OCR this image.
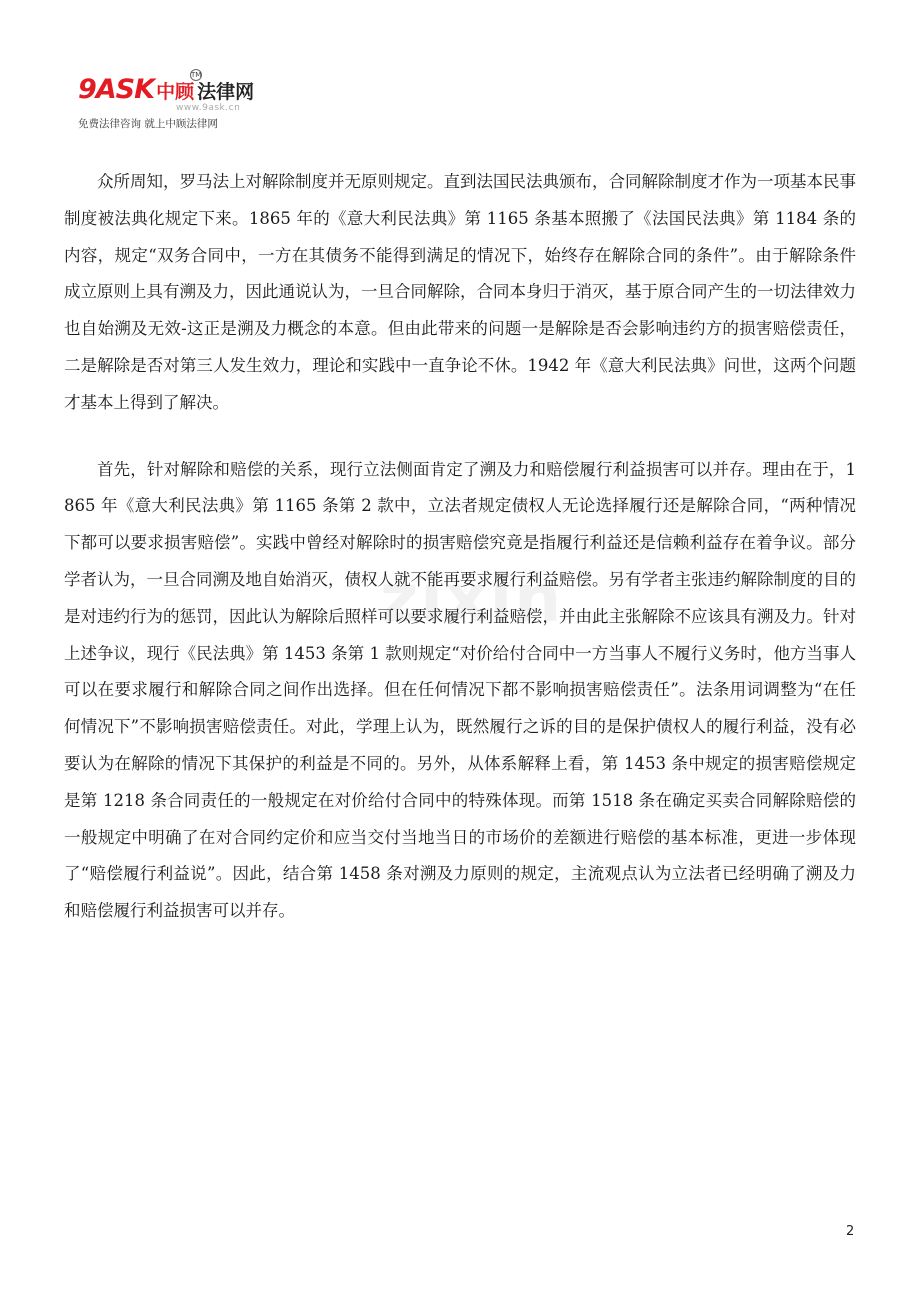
9ASK 中顾 法律网
TM
www.9ask.cn
免费法律咨询 就上中顾法律网
zixin

众所周知，罗马法上对解除制度并无原则规定。直到法国民法典颁布，合同解除制度才作为一项基本民事制度被法典化规定下来。1865 年的《意大利民法典》第 1165 条基本照搬了《法国民法典》第 1184 条的内容，规定“双务合同中，一方在其债务不能得到满足的情况下，始终存在解除合同的条件”。由于解除条件成立原则上具有溯及力，因此通说认为，一旦合同解除，合同本身归于消灭，基于原合同产生的一切法律效力也自始溯及无效-这正是溯及力概念的本意。但由此带来的问题一是解除是否会影响违约方的损害赔偿责任，二是解除是否对第三人发生效力，理论和实践中一直争论不休。1942 年《意大利民法典》问世，这两个问题才基本上得到了解决。

首先，针对解除和赔偿的关系，现行立法侧面肯定了溯及力和赔偿履行利益损害可以并存。理由在于，1865 年《意大利民法典》第 1165 条第 2 款中，立法者规定债权人无论选择履行还是解除合同，“两种情况下都可以要求损害赔偿”。实践中曾经对解除时的损害赔偿究竟是指履行利益还是信赖利益存在着争议。部分学者认为，一旦合同溯及地自始消灭，债权人就不能再要求履行利益赔偿。另有学者主张违约解除制度的目的是对违约行为的惩罚，因此认为解除后照样可以要求履行利益赔偿，并由此主张解除不应该具有溯及力。针对上述争议，现行《民法典》第 1453 条第 1 款则规定“对价给付合同中一方当事人不履行义务时，他方当事人可以在要求履行和解除合同之间作出选择。但在任何情况下都不影响损害赔偿责任”。法条用词调整为“在任何情况下”不影响损害赔偿责任。对此，学理上认为，既然履行之诉的目的是保护债权人的履行利益，没有必要认为在解除的情况下其保护的利益是不同的。另外，从体系解释上看，第 1453 条中规定的损害赔偿规定是第 1218 条合同责任的一般规定在对价给付合同中的特殊体现。而第 1518 条在确定买卖合同解除赔偿的一般规定中明确了在对合同约定价和应当交付当地当日的市场价的差额进行赔偿的基本标准，更进一步体现了“赔偿履行利益说”。因此，结合第 1458 条对溯及力原则的规定，主流观点认为立法者已经明确了溯及力和赔偿履行利益损害可以并存。

2
